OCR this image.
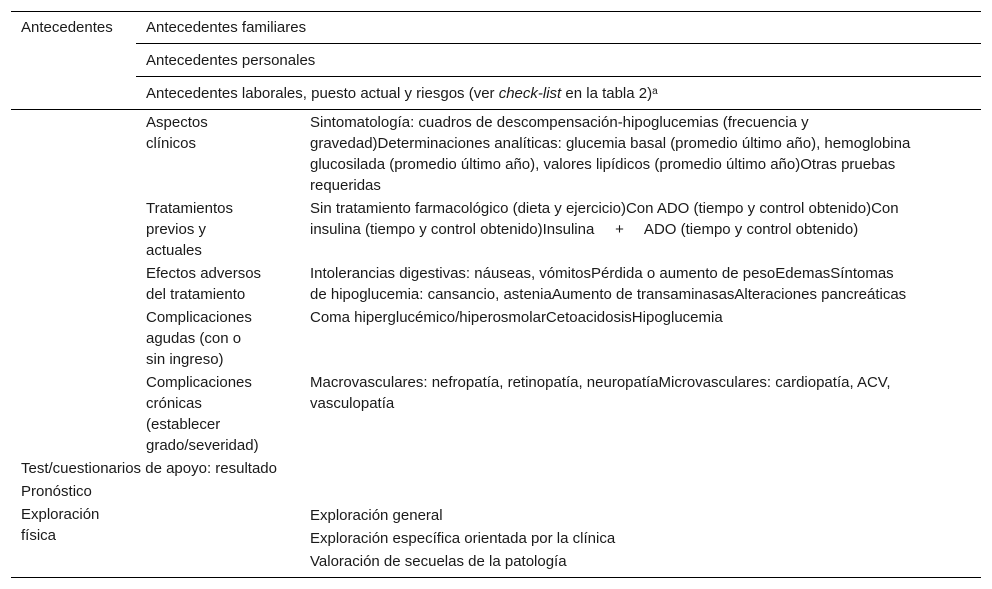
Antecedentes Antecedentes familiares
Antecedentes personales
Antecedentes laborales, puesto actual y riesgos (ver check-list en la tabla 2)$^a$
Aspectos
clínicos
Sintomatología: cuadros de descompensación-hipoglucemias (frecuencia y
gravedad)Determinaciones analíticas: glucemia basal (promedio último año), hemoglobina
glucosilada (promedio último año), valores lipídicos (promedio último año)Otras pruebas
requeridas
Tratamientos
previos y
actuales
Sin tratamiento farmacológico (dieta y ejercicio)Con ADO (tiempo y control obtenido)Con
insulina (tiempo y control obtenido)Insulina     +     ADO (tiempo y control obtenido)
Efectos adversos
del tratamiento
Intolerancias digestivas: náuseas, vómitosPérdida o aumento de pesoEdemasSíntomas
de hipoglucemia: cansancio, asteniaAumento de transaminasasAlteraciones pancreáticas
Complicaciones
agudas (con o
sin ingreso)
Coma hiperglucémico/hiperosmolarCetoacidosisHipoglucemia
Complicaciones
crónicas
(establecer
grado/severidad)
Macrovasculares: nefropatía, retinopatía, neuropatíaMicrovasculares: cardiopatía, ACV,
vasculopatía
Test/cuestionarios de apoyo: resultado
Pronóstico
Exploración
física
Exploración general
Exploración específica orientada por la clínica
Valoración de secuelas de la patología
